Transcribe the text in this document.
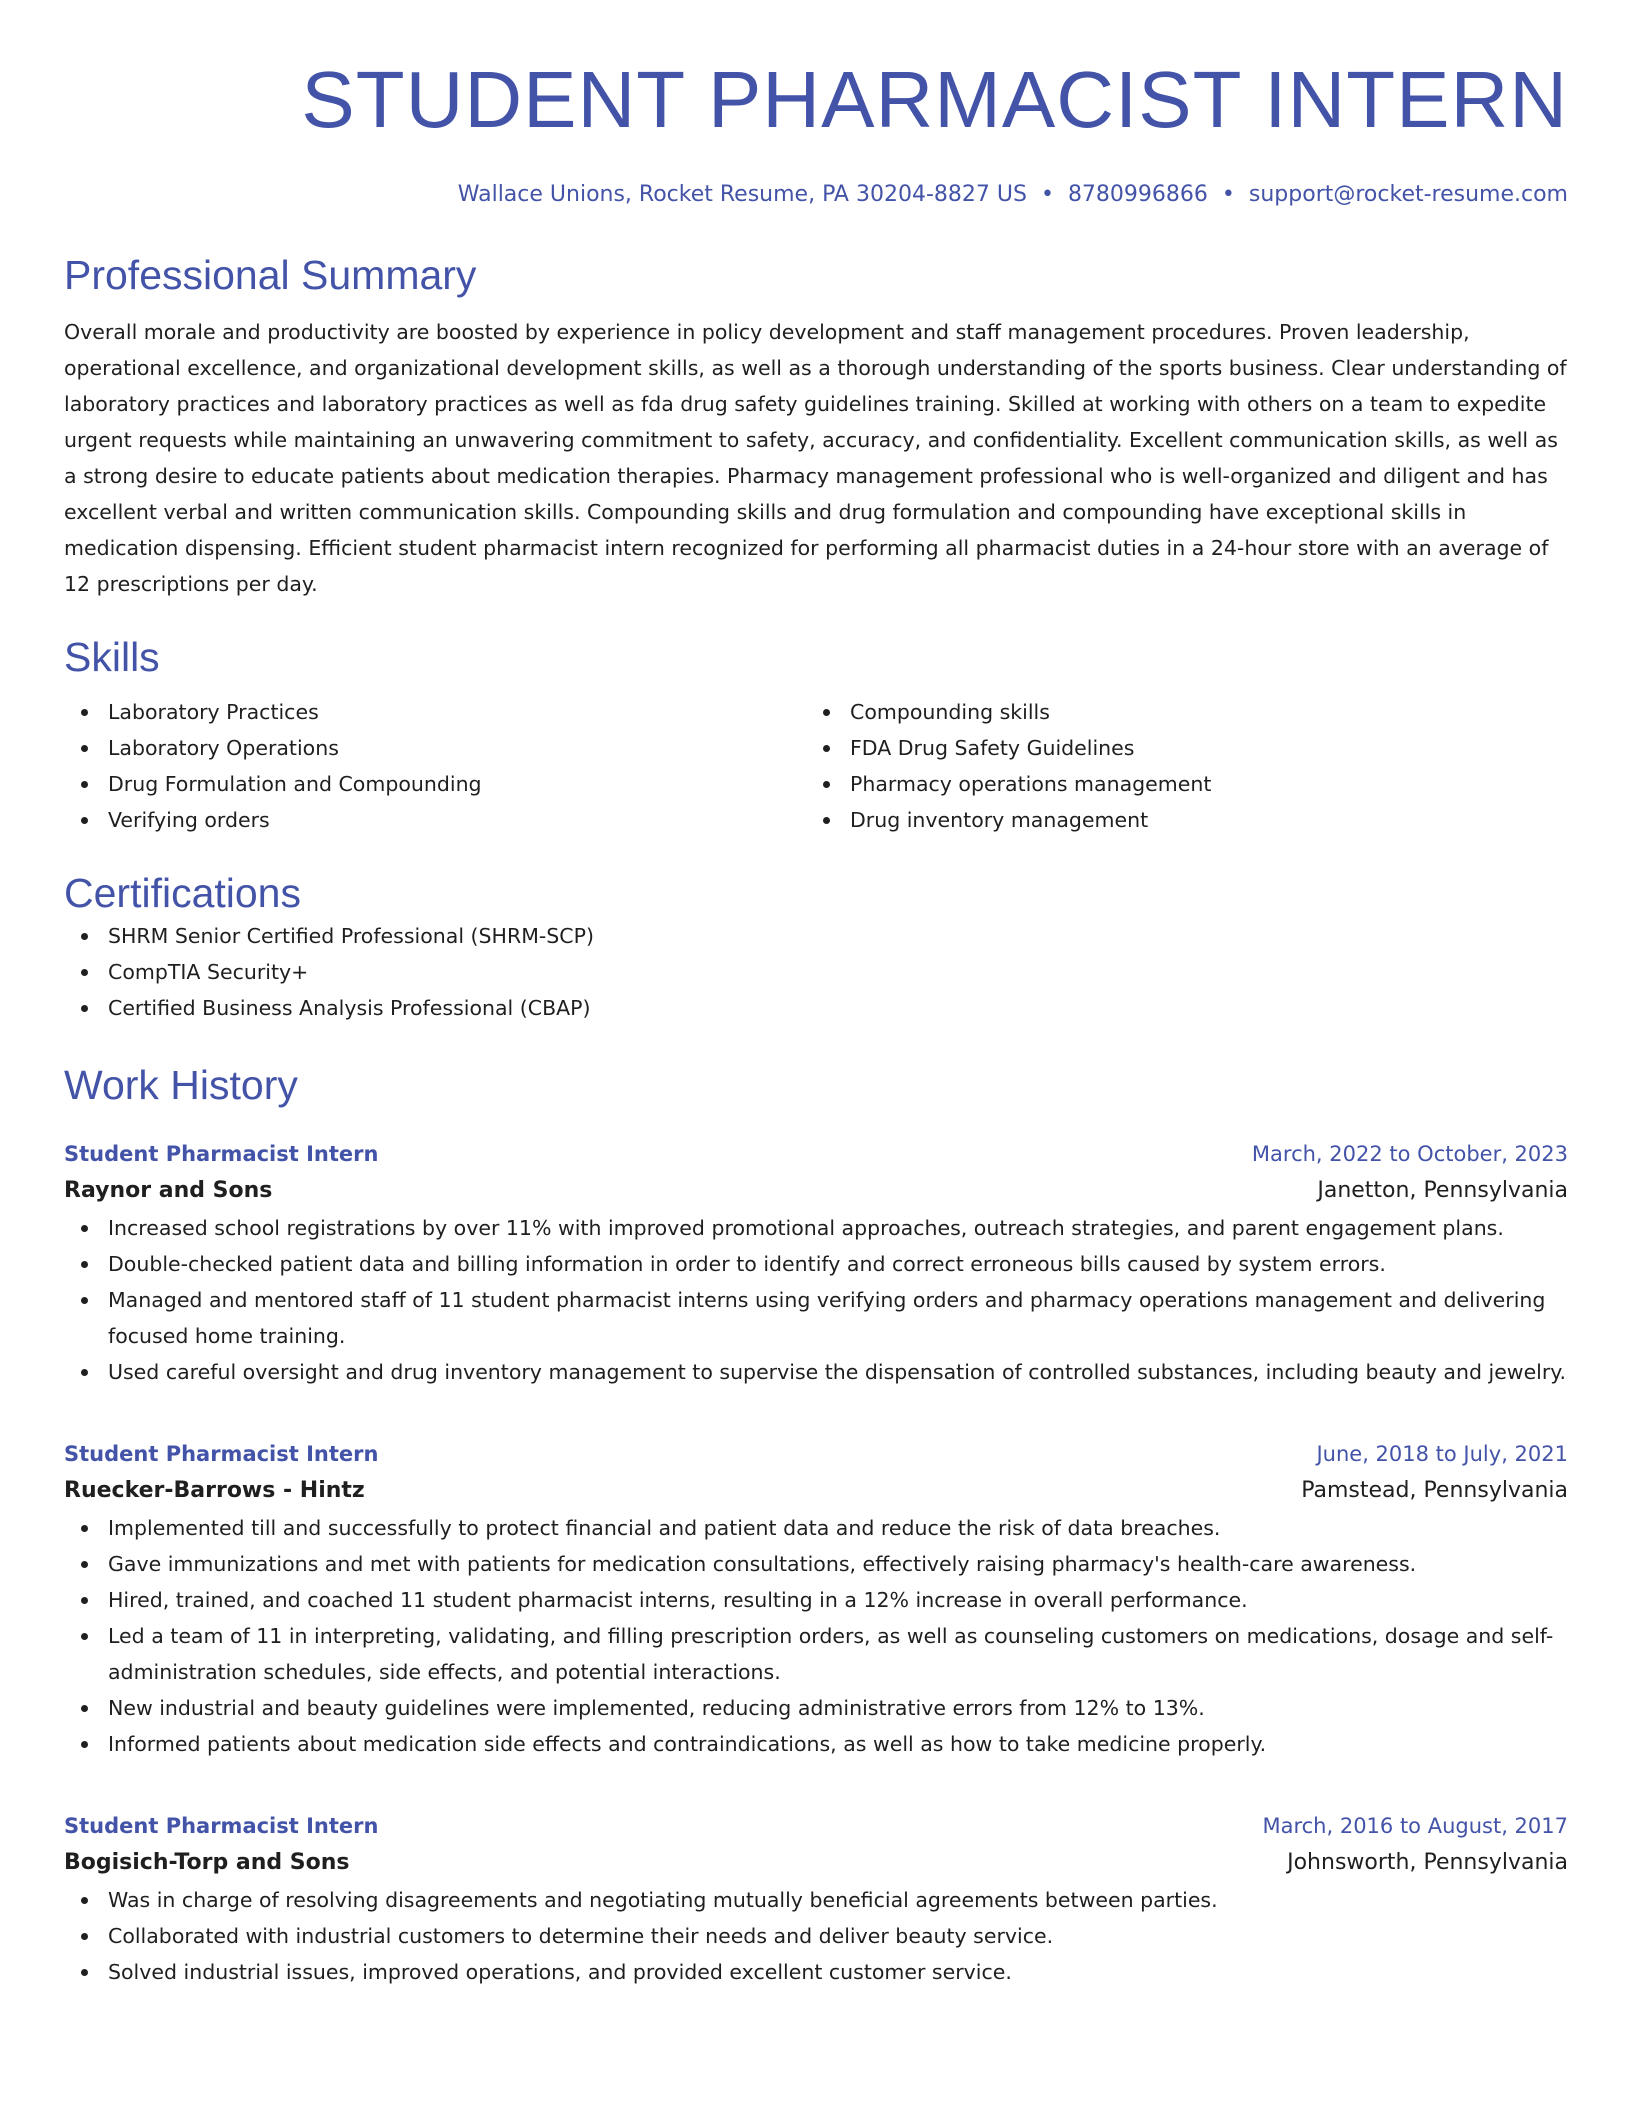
STUDENT PHARMACIST INTERN
Wallace Unions, Rocket Resume, PA 30204-8827 US • 8780996866 • support@rocket-resume.com
Professional Summary

Overall morale and productivity are boosted by experience in policy development and staff management procedures. Proven leadership, operational excellence, and organizational development skills, as well as a thorough understanding of the sports business. Clear understanding of laboratory practices and laboratory practices as well as fda drug safety guidelines training. Skilled at working with others on a team to expedite urgent requests while maintaining an unwavering commitment to safety, accuracy, and confidentiality. Excellent communication skills, as well as a strong desire to educate patients about medication therapies. Pharmacy management professional who is well-organized and diligent and has excellent verbal and written communication skills. Compounding skills and drug formulation and compounding have exceptional skills in medication dispensing. Efficient student pharmacist intern recognized for performing all pharmacist duties in a 24-hour store with an average of 12 prescriptions per day.

Skills
Laboratory Practices
Laboratory Operations
Drug Formulation and Compounding
Verifying orders
Compounding skills
FDA Drug Safety Guidelines
Pharmacy operations management
Drug inventory management
Certifications
SHRM Senior Certified Professional (SHRM-SCP)
CompTIA Security+
Certified Business Analysis Professional (CBAP)
Work History
Student Pharmacist Intern	March, 2022 to October, 2023
Raynor and Sons	Janetton, Pennsylvania
Increased school registrations by over 11% with improved promotional approaches, outreach strategies, and parent engagement plans.
Double-checked patient data and billing information in order to identify and correct erroneous bills caused by system errors.
Managed and mentored staff of 11 student pharmacist interns using verifying orders and pharmacy operations management and delivering focused home training.
Used careful oversight and drug inventory management to supervise the dispensation of controlled substances, including beauty and jewelry.
Student Pharmacist Intern	June, 2018 to July, 2021
Ruecker-Barrows - Hintz	Pamstead, Pennsylvania
Implemented till and successfully to protect financial and patient data and reduce the risk of data breaches.
Gave immunizations and met with patients for medication consultations, effectively raising pharmacy's health-care awareness.
Hired, trained, and coached 11 student pharmacist interns, resulting in a 12% increase in overall performance.
Led a team of 11 in interpreting, validating, and filling prescription orders, as well as counseling customers on medications, dosage and self-administration schedules, side effects, and potential interactions.
New industrial and beauty guidelines were implemented, reducing administrative errors from 12% to 13%.
Informed patients about medication side effects and contraindications, as well as how to take medicine properly.
Student Pharmacist Intern	March, 2016 to August, 2017
Bogisich-Torp and Sons	Johnsworth, Pennsylvania
Was in charge of resolving disagreements and negotiating mutually beneficial agreements between parties.
Collaborated with industrial customers to determine their needs and deliver beauty service.
Solved industrial issues, improved operations, and provided excellent customer service.
